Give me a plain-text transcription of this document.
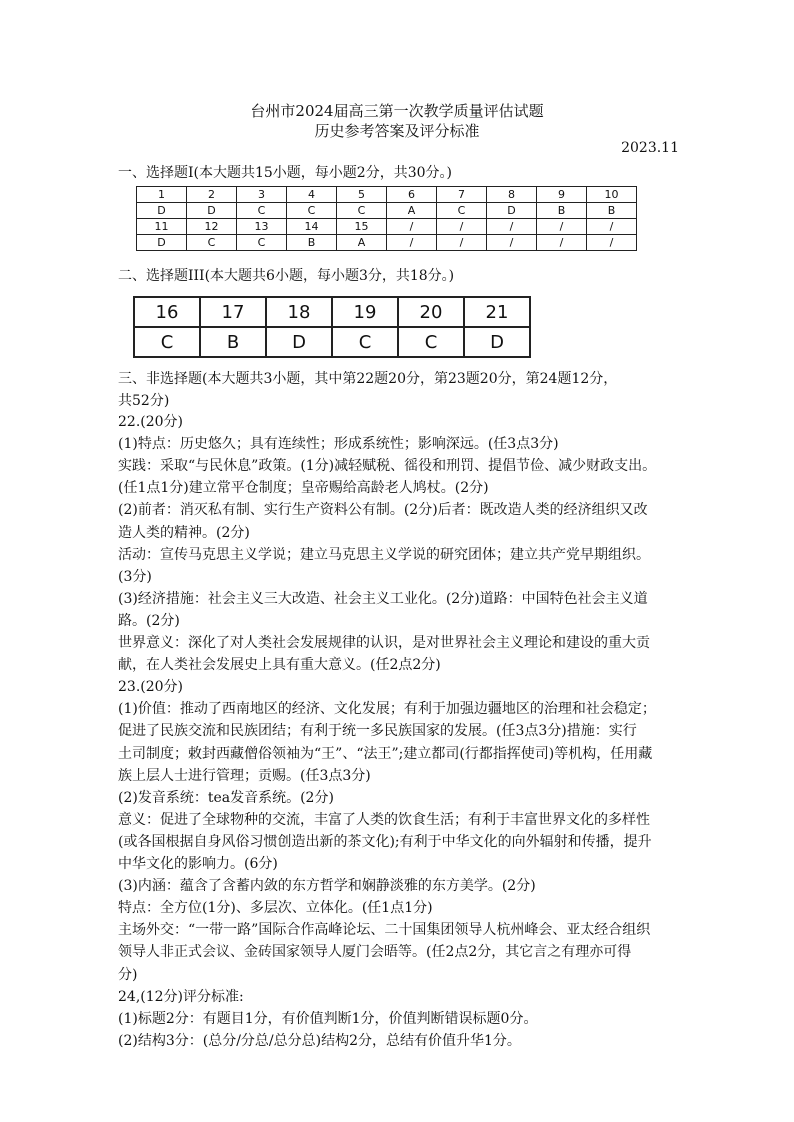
台州市2024届高三第一次教学质量评估试题
历史参考答案及评分标准
2023.11
一、选择题I(本大题共15小题，每小题2分，共30分。)
1	2	3	4	5	6	7	8	9	10
D	D	C	C	C	A	C	D	B	B
11	12	13	14	15	/	/	/	/	/
D	C	C	B	A	/	/	/	/	/
二、选择题III(本大题共6小题，每小题3分，共18分。)
16	17	18	19	20	21
C	B	D	C	C	D
三、非选择题(本大题共3小题，其中第22题20分，第23题20分，第24题12分，
共52分)
22.(20分)
(1)特点：历史悠久；具有连续性；形成系统性；影响深远。(任3点3分)
实践：采取“与民休息”政策。(1分)减轻赋税、徭役和刑罚、提倡节俭、减少财政支出。
(任1点1分)建立常平仓制度；皇帝赐给高龄老人鸠杖。(2分)
(2)前者：消灭私有制、实行生产资料公有制。(2分)后者：既改造人类的经济组织又改
造人类的精神。(2分)
活动：宣传马克思主义学说；建立马克思主义学说的研究团体；建立共产党早期组织。
(3分)
(3)经济措施：社会主义三大改造、社会主义工业化。(2分)道路：中国特色社会主义道
路。(2分)
世界意义：深化了对人类社会发展规律的认识，是对世界社会主义理论和建设的重大贡
献，在人类社会发展史上具有重大意义。(任2点2分)
23.(20分)
(1)价值：推动了西南地区的经济、文化发展；有利于加强边疆地区的治理和社会稳定；
促进了民族交流和民族团结；有利于统一多民族国家的发展。(任3点3分)措施：实行
土司制度；敕封西藏僧俗领袖为“王”、“法王”;建立都司(行都指挥使司)等机构，任用藏
族上层人士进行管理；贡赐。(任3点3分)
(2)发音系统：tea发音系统。(2分)
意义：促进了全球物种的交流，丰富了人类的饮食生活；有利于丰富世界文化的多样性
(或各国根据自身风俗习惯创造出新的茶文化);有利于中华文化的向外辐射和传播，提升
中华文化的影响力。(6分)
(3)内涵：蕴含了含蓄内敛的东方哲学和娴静淡雅的东方美学。(2分)
特点：全方位(1分)、多层次、立体化。(任1点1分)
主场外交：“一带一路”国际合作高峰论坛、二十国集团领导人杭州峰会、亚太经合组织
领导人非正式会议、金砖国家领导人厦门会晤等。(任2点2分，其它言之有理亦可得
分)
24,(12分)评分标准:
(1)标题2分：有题目1分，有价值判断1分，价值判断错误标题0分。
(2)结构3分：(总分/分总/总分总)结构2分，总结有价值升华1分。
